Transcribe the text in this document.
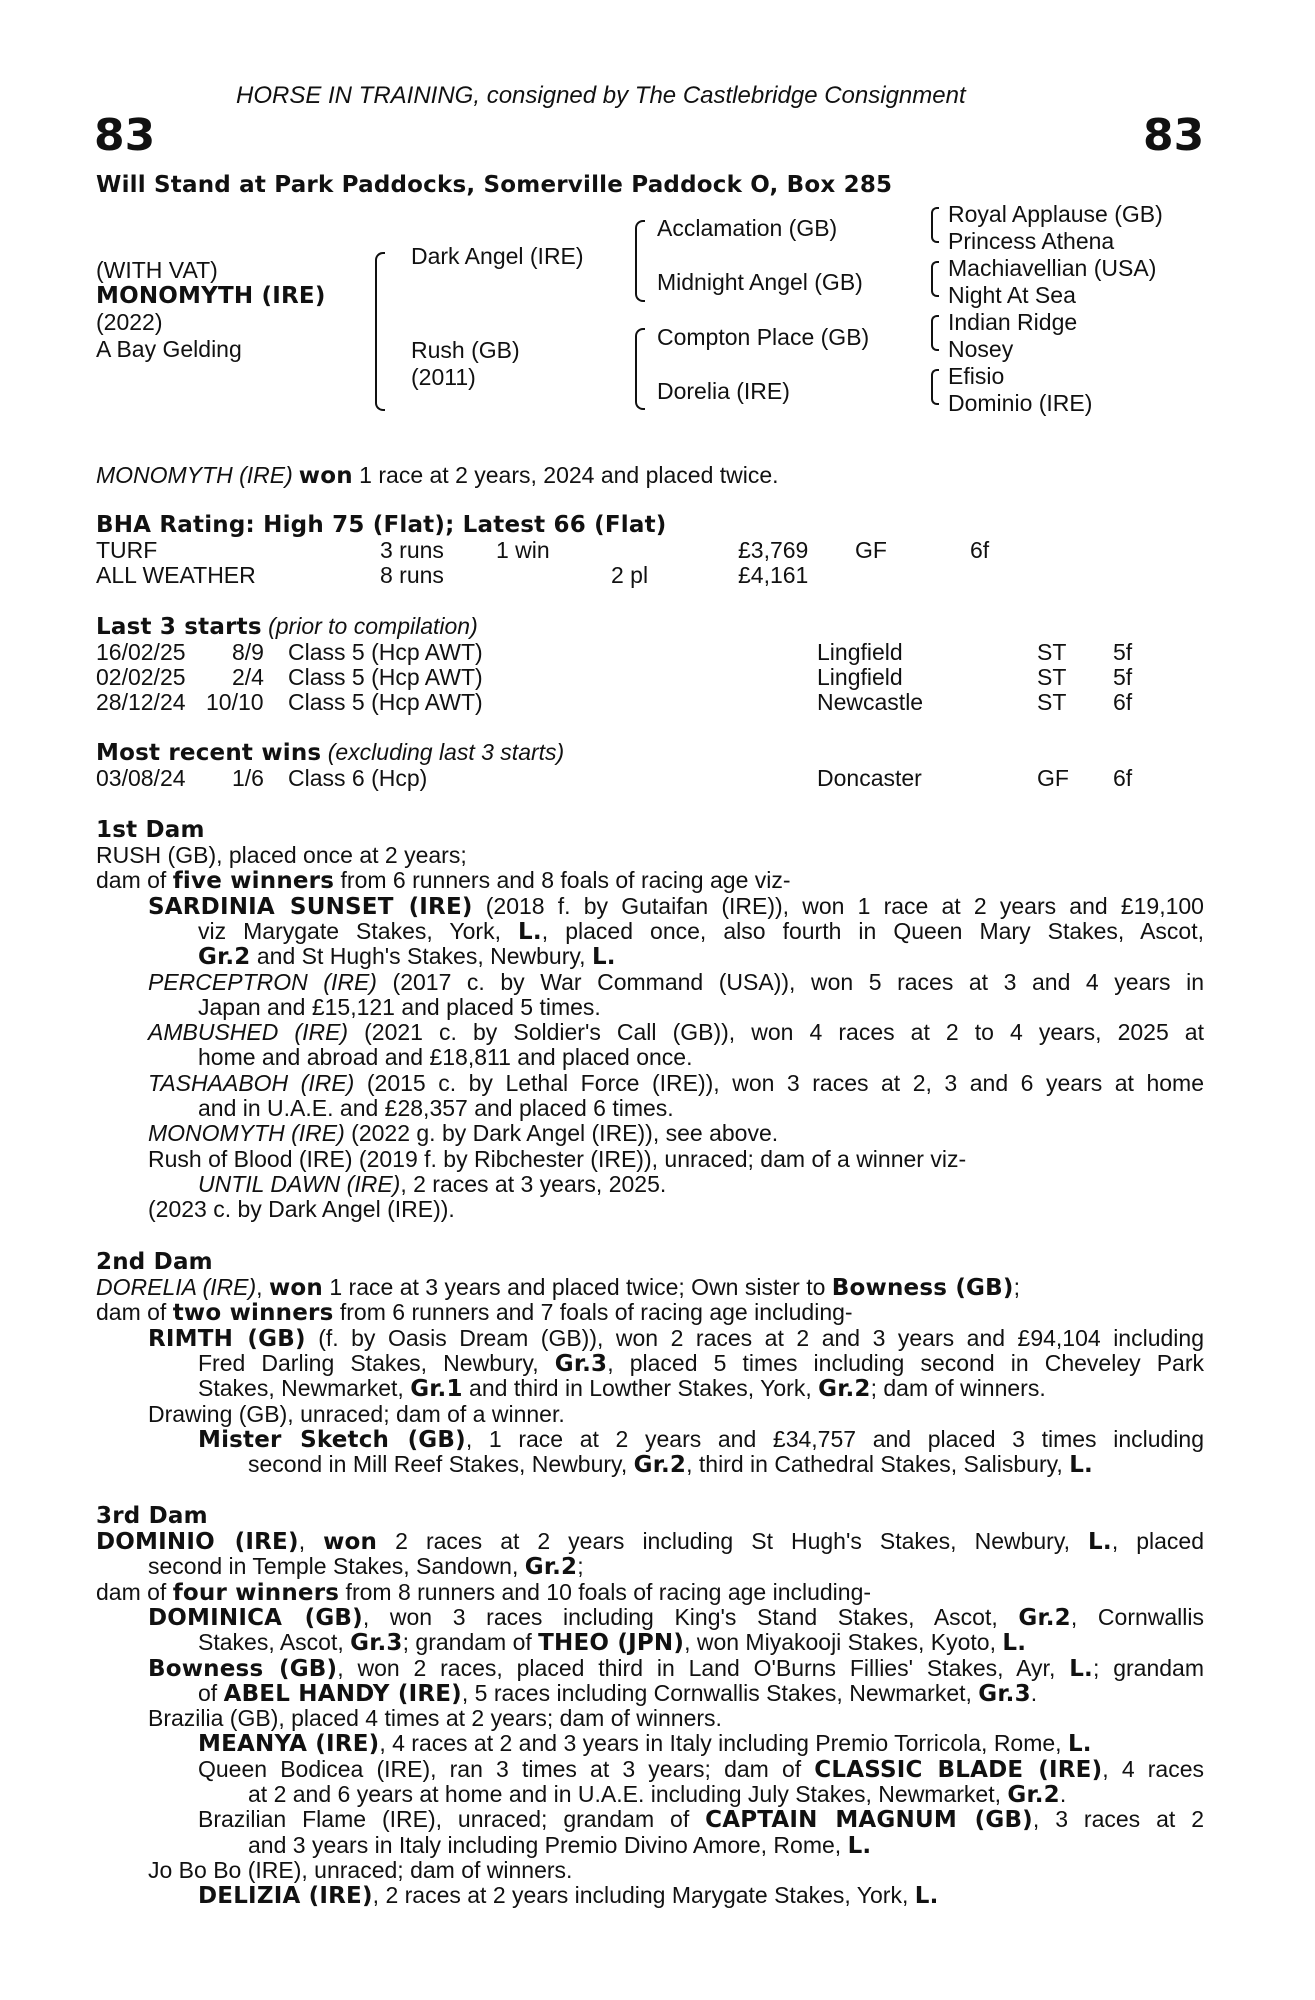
HORSE IN TRAINING, consigned by The Castlebridge Consignment
83	83
Will Stand at Park Paddocks, Somerville Paddock O, Box 285
(WITH VAT)
MONOMYTH (IRE)
(2022)
A Bay Gelding
Dark Angel (IRE)
Rush (GB)
(2011)
Acclamation (GB)
Midnight Angel (GB)
Compton Place (GB)
Dorelia (IRE)
Royal Applause (GB)
Princess Athena
Machiavellian (USA)
Night At Sea
Indian Ridge
Nosey
Efisio
Dominio (IRE)
MONOMYTH (IRE) won 1 race at 2 years, 2024 and placed twice.
BHA Rating: High 75 (Flat); Latest 66 (Flat)
TURF	3 runs 1 win	£3,769 GF	6f
ALL WEATHER	8 runs	2 pl	£4,161
Last 3 starts (prior to compilation)
16/02/25 8/9 Class 5 (Hcp AWT)	Lingfield	ST 5f
02/02/25 2/4 Class 5 (Hcp AWT)	Lingfield	ST 5f
28/12/24 10/10 Class 5 (Hcp AWT)	Newcastle	ST 6f
Most recent wins (excluding last 3 starts)
03/08/24 1/6 Class 6 (Hcp)	Doncaster	GF 6f
1st Dam
RUSH (GB), placed once at 2 years;
dam of five winners from 6 runners and 8 foals of racing age viz-
SARDINIA SUNSET (IRE) (2018 f. by Gutaifan (IRE)), won 1 race at 2 years and £19,100
viz Marygate Stakes, York, L., placed once, also fourth in Queen Mary Stakes, Ascot,
Gr.2 and St Hugh's Stakes, Newbury, L.
PERCEPTRON (IRE) (2017 c. by War Command (USA)), won 5 races at 3 and 4 years in
Japan and £15,121 and placed 5 times.
AMBUSHED (IRE) (2021 c. by Soldier's Call (GB)), won 4 races at 2 to 4 years, 2025 at
home and abroad and £18,811 and placed once.
TASHAABOH (IRE) (2015 c. by Lethal Force (IRE)), won 3 races at 2, 3 and 6 years at home
and in U.A.E. and £28,357 and placed 6 times.
MONOMYTH (IRE) (2022 g. by Dark Angel (IRE)), see above.
Rush of Blood (IRE) (2019 f. by Ribchester (IRE)), unraced; dam of a winner viz-
UNTIL DAWN (IRE), 2 races at 3 years, 2025.
(2023 c. by Dark Angel (IRE)).
2nd Dam
DORELIA (IRE), won 1 race at 3 years and placed twice; Own sister to Bowness (GB);
dam of two winners from 6 runners and 7 foals of racing age including-
RIMTH (GB) (f. by Oasis Dream (GB)), won 2 races at 2 and 3 years and £94,104 including
Fred Darling Stakes, Newbury, Gr.3, placed 5 times including second in Cheveley Park
Stakes, Newmarket, Gr.1 and third in Lowther Stakes, York, Gr.2; dam of winners.
Drawing (GB), unraced; dam of a winner.
Mister Sketch (GB), 1 race at 2 years and £34,757 and placed 3 times including
second in Mill Reef Stakes, Newbury, Gr.2, third in Cathedral Stakes, Salisbury, L.
3rd Dam
DOMINIO (IRE), won 2 races at 2 years including St Hugh's Stakes, Newbury, L., placed
second in Temple Stakes, Sandown, Gr.2;
dam of four winners from 8 runners and 10 foals of racing age including-
DOMINICA (GB), won 3 races including King's Stand Stakes, Ascot, Gr.2, Cornwallis
Stakes, Ascot, Gr.3; grandam of THEO (JPN), won Miyakooji Stakes, Kyoto, L.
Bowness (GB), won 2 races, placed third in Land O'Burns Fillies' Stakes, Ayr, L.; grandam
of ABEL HANDY (IRE), 5 races including Cornwallis Stakes, Newmarket, Gr.3.
Brazilia (GB), placed 4 times at 2 years; dam of winners.
MEANYA (IRE), 4 races at 2 and 3 years in Italy including Premio Torricola, Rome, L.
Queen Bodicea (IRE), ran 3 times at 3 years; dam of CLASSIC BLADE (IRE), 4 races
at 2 and 6 years at home and in U.A.E. including July Stakes, Newmarket, Gr.2.
Brazilian Flame (IRE), unraced; grandam of CAPTAIN MAGNUM (GB), 3 races at 2
and 3 years in Italy including Premio Divino Amore, Rome, L.
Jo Bo Bo (IRE), unraced; dam of winners.
DELIZIA (IRE), 2 races at 2 years including Marygate Stakes, York, L.
